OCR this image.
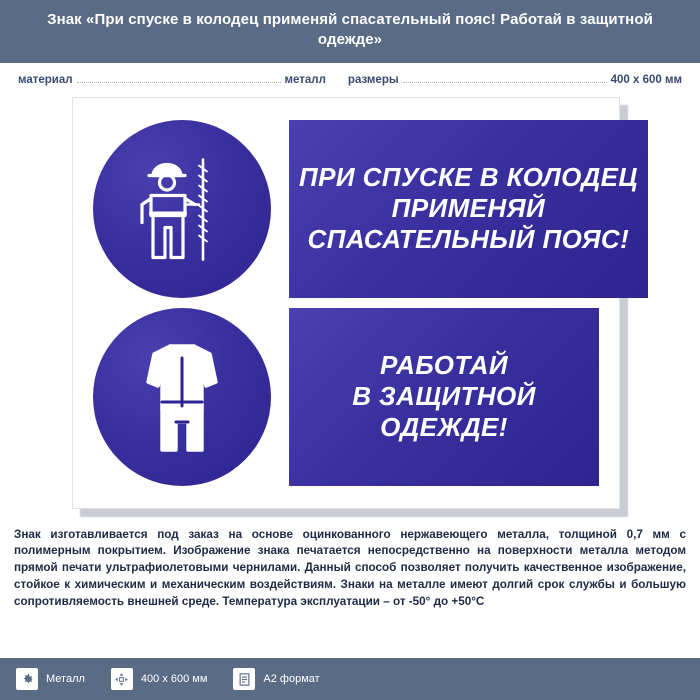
Знак «При спуске в колодец применяй спасательный пояс! Работай в защитной одежде»
материал	металл размеры	400 x 600 мм
ПРИ СПУСКЕ В КОЛОДЕЦ
ПРИМЕНЯЙ
СПАСАТЕЛЬНЫЙ ПОЯС!
РАБОТАЙ
В ЗАЩИТНОЙ
ОДЕЖДЕ!
Знак изготавливается под заказ на основе оцинкованного нержавеющего металла, толщиной 0,7 мм с полимерным покрытием. Изображение знака печатается непосредственно на поверхности металла методом прямой печати ультрафиолетовыми чернилами. Данный способ позволяет получить качественное изображение, стойкое к химическим и механическим воздействиям. Знаки на металле имеют долгий срок службы и большую сопротивляемость внешней среде. Температура эксплуатации – от -50° до +50°С
Металл	400 x 600 мм	A2 формат
